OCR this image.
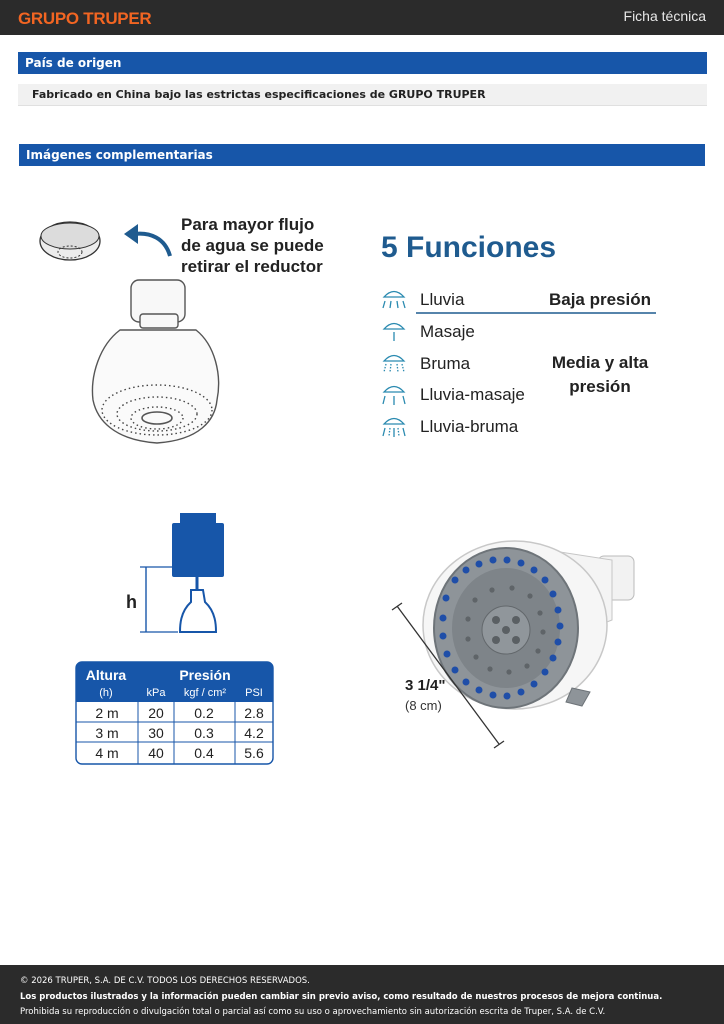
GRUPO TRUPER	Ficha técnica
País de origen
Fabricado en China bajo las estrictas especificaciones de GRUPO TRUPER
Imágenes complementarias
Para mayor flujo
de agua se puede
retirar el reductor
5 Funciones
Lluvia
Masaje
Bruma
Lluvia-masaje
Lluvia-bruma
Baja presión
Media y alta
presión
h
Altura
(h)
Presión
kPa kgf / cm² PSI
2 m 20 0.2 2.8
3 m 30 0.3 4.2
4 m 40 0.4 5.6
3 1/4"
(8 cm)
© 2026 TRUPER, S.A. DE C.V. TODOS LOS DERECHOS RESERVADOS.
Los productos ilustrados y la información pueden cambiar sin previo aviso, como resultado de nuestros procesos de mejora continua.
Prohibida su reproducción o divulgación total o parcial así como su uso o aprovechamiento sin autorización escrita de Truper, S.A. de C.V.
